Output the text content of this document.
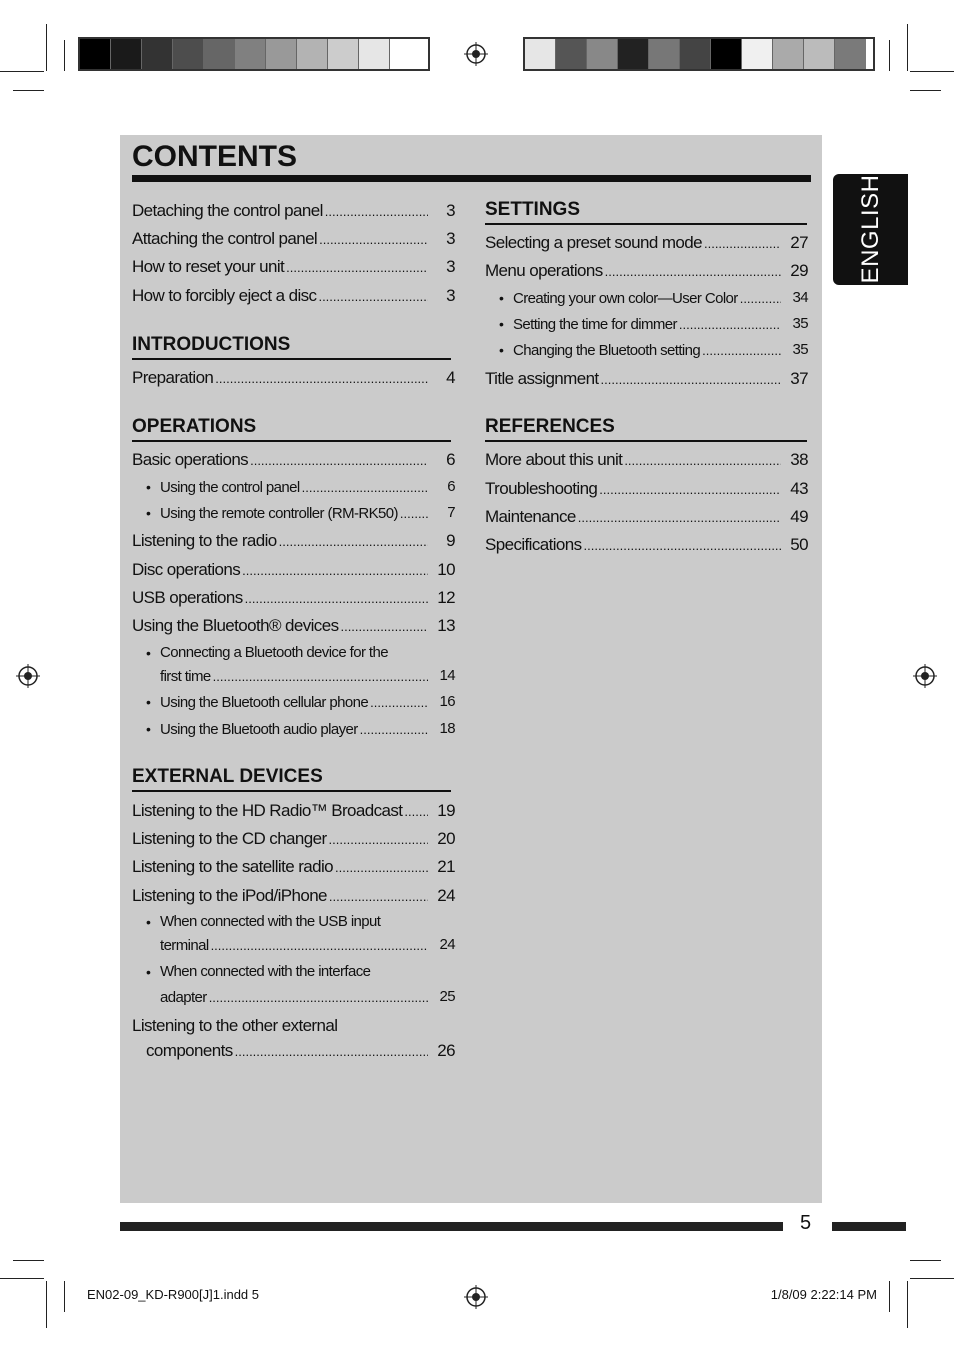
CONTENTS
ENGLISH
Detaching the control panel .....	3
Attaching the control panel .....	3
How to reset your unit .....	3
How to forcibly eject a disc .....	3
INTRODUCTIONS
Preparation .....	4
OPERATIONS
Basic operations .....	6
• Using the control panel .....	6
• Using the remote controller (RM-RK50) .....	7
Listening to the radio .....	9
Disc operations .....	10
USB operations .....	12
Using the Bluetooth® devices .....	13
• Connecting a Bluetooth device for the
first time .....	14
• Using the Bluetooth cellular phone .....	16
• Using the Bluetooth audio player .....	18
EXTERNAL DEVICES
Listening to the HD Radio™ Broadcast .....	19
Listening to the CD changer .....	20
Listening to the satellite radio .....	21
Listening to the iPod/iPhone .....	24
• When connected with the USB input
terminal .....	24
• When connected with the interface
adapter .....	25
Listening to the other external
components .....	26
SETTINGS
Selecting a preset sound mode .....	27
Menu operations .....	29
• Creating your own color—User Color .....	34
• Setting the time for dimmer .....	35
• Changing the Bluetooth setting .....	35
Title assignment .....	37
REFERENCES
More about this unit .....	38
Troubleshooting .....	43
Maintenance .....	49
Specifications .....	50
5
EN02-09_KD-R900[J]1.indd 5	1/8/09 2:22:14 PM
